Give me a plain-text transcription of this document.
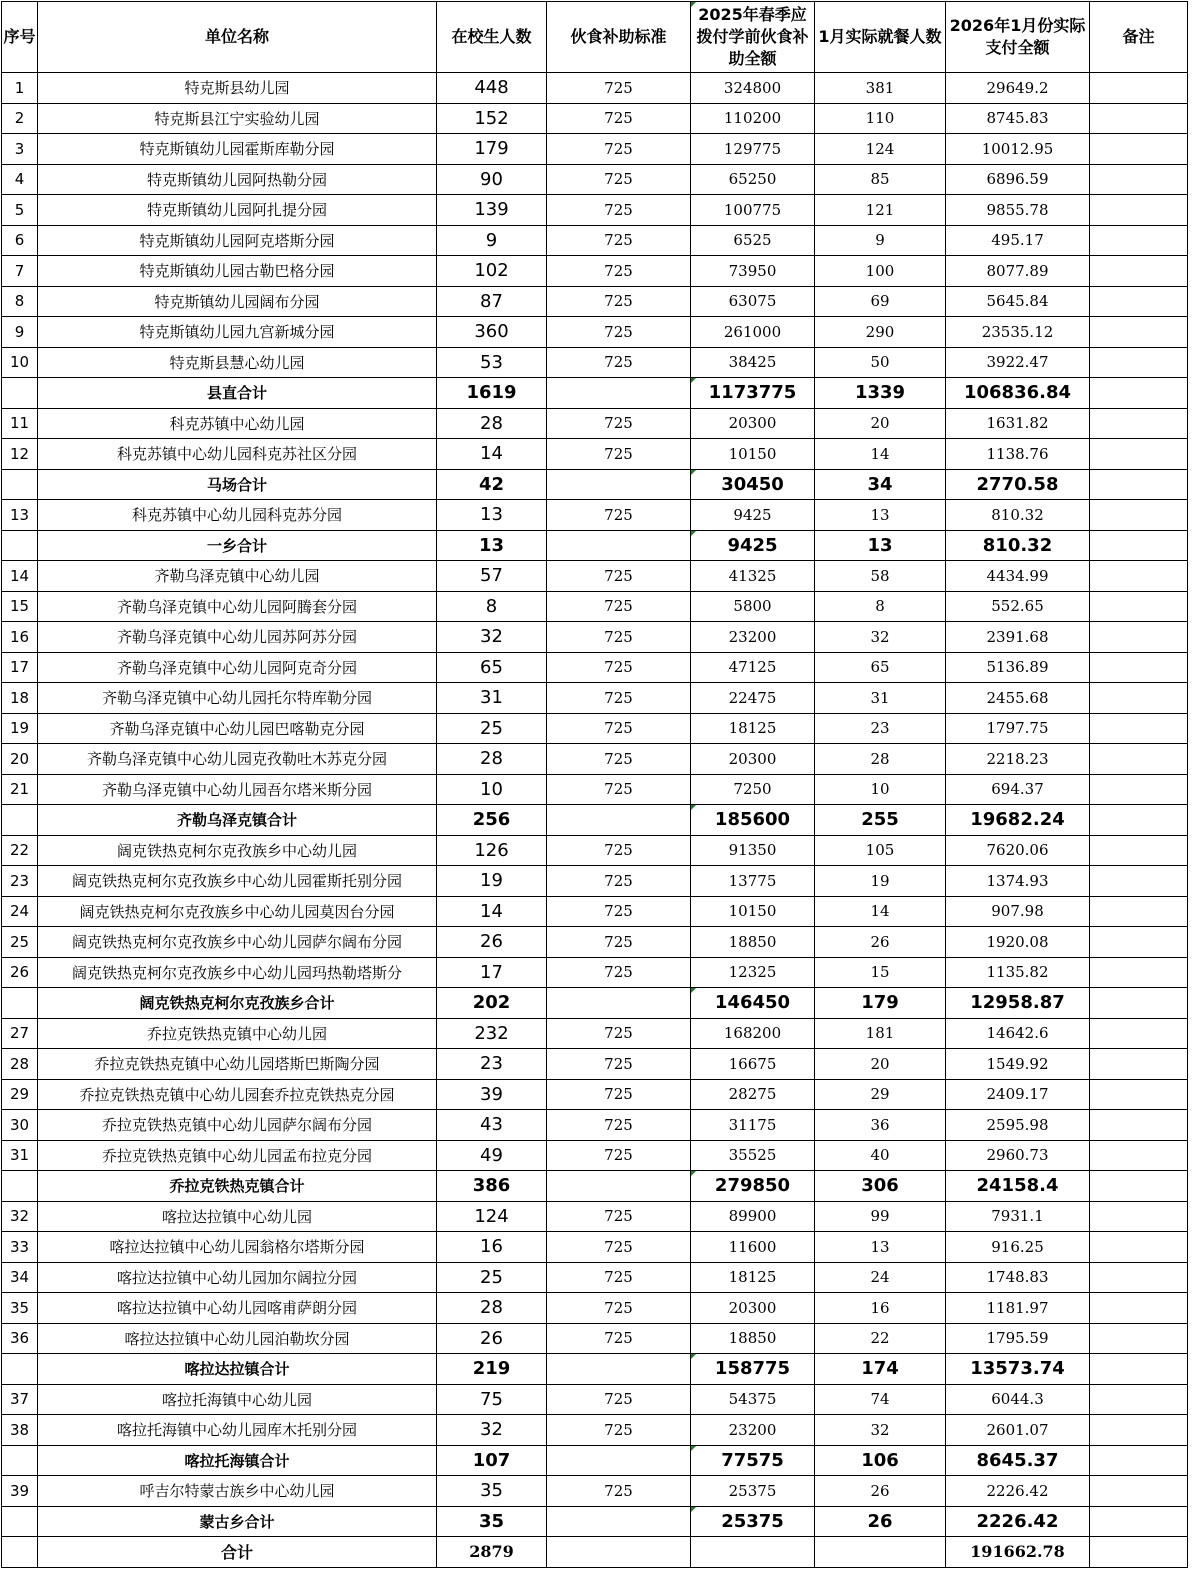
序号	单位名称	在校生人数	伙食补助标准	2025年春季应拨付学前伙食补助全额	1月实际就餐人数	2026年1月份实际支付全额	备注
1	特克斯县幼儿园	448	725	324800	381	29649.2	
2	特克斯县江宁实验幼儿园	152	725	110200	110	8745.83	
3	特克斯镇幼儿园霍斯库勒分园	179	725	129775	124	10012.95	
4	特克斯镇幼儿园阿热勒分园	90	725	65250	85	6896.59	
5	特克斯镇幼儿园阿扎提分园	139	725	100775	121	9855.78	
6	特克斯镇幼儿园阿克塔斯分园	9	725	6525	9	495.17	
7	特克斯镇幼儿园古勒巴格分园	102	725	73950	100	8077.89	
8	特克斯镇幼儿园阔布分园	87	725	63075	69	5645.84	
9	特克斯镇幼儿园九宫新城分园	360	725	261000	290	23535.12	
10	特克斯县慧心幼儿园	53	725	38425	50	3922.47	
	县直合计	1619		1173775	1339	106836.84	
11	科克苏镇中心幼儿园	28	725	20300	20	1631.82	
12	科克苏镇中心幼儿园科克苏社区分园	14	725	10150	14	1138.76	
	马场合计	42		30450	34	2770.58	
13	科克苏镇中心幼儿园科克苏分园	13	725	9425	13	810.32	
	一乡合计	13		9425	13	810.32	
14	齐勒乌泽克镇中心幼儿园	57	725	41325	58	4434.99	
15	齐勒乌泽克镇中心幼儿园阿腾套分园	8	725	5800	8	552.65	
16	齐勒乌泽克镇中心幼儿园苏阿苏分园	32	725	23200	32	2391.68	
17	齐勒乌泽克镇中心幼儿园阿克奇分园	65	725	47125	65	5136.89	
18	齐勒乌泽克镇中心幼儿园托尔特库勒分园	31	725	22475	31	2455.68	
19	齐勒乌泽克镇中心幼儿园巴喀勒克分园	25	725	18125	23	1797.75	
20	齐勒乌泽克镇中心幼儿园克孜勒吐木苏克分园	28	725	20300	28	2218.23	
21	齐勒乌泽克镇中心幼儿园吾尔塔米斯分园	10	725	7250	10	694.37	
	齐勒乌泽克镇合计	256		185600	255	19682.24	
22	阔克铁热克柯尔克孜族乡中心幼儿园	126	725	91350	105	7620.06	
23	阔克铁热克柯尔克孜族乡中心幼儿园霍斯托别分园	19	725	13775	19	1374.93	
24	阔克铁热克柯尔克孜族乡中心幼儿园莫因台分园	14	725	10150	14	907.98	
25	阔克铁热克柯尔克孜族乡中心幼儿园萨尔阔布分园	26	725	18850	26	1920.08	
26	阔克铁热克柯尔克孜族乡中心幼儿园玛热勒塔斯分	17	725	12325	15	1135.82	
	阔克铁热克柯尔克孜族乡合计	202		146450	179	12958.87	
27	乔拉克铁热克镇中心幼儿园	232	725	168200	181	14642.6	
28	乔拉克铁热克镇中心幼儿园塔斯巴斯陶分园	23	725	16675	20	1549.92	
29	乔拉克铁热克镇中心幼儿园套乔拉克铁热克分园	39	725	28275	29	2409.17	
30	乔拉克铁热克镇中心幼儿园萨尔阔布分园	43	725	31175	36	2595.98	
31	乔拉克铁热克镇中心幼儿园孟布拉克分园	49	725	35525	40	2960.73	
	乔拉克铁热克镇合计	386		279850	306	24158.4	
32	喀拉达拉镇中心幼儿园	124	725	89900	99	7931.1	
33	喀拉达拉镇中心幼儿园翁格尔塔斯分园	16	725	11600	13	916.25	
34	喀拉达拉镇中心幼儿园加尔阔拉分园	25	725	18125	24	1748.83	
35	喀拉达拉镇中心幼儿园喀甫萨朗分园	28	725	20300	16	1181.97	
36	喀拉达拉镇中心幼儿园泊勒坎分园	26	725	18850	22	1795.59	
	喀拉达拉镇合计	219		158775	174	13573.74	
37	喀拉托海镇中心幼儿园	75	725	54375	74	6044.3	
38	喀拉托海镇中心幼儿园库木托别分园	32	725	23200	32	2601.07	
	喀拉托海镇合计	107		77575	106	8645.37	
39	呼吉尔特蒙古族乡中心幼儿园	35	725	25375	26	2226.42	
	蒙古乡合计	35		25375	26	2226.42	
	合计	2879				191662.78	
